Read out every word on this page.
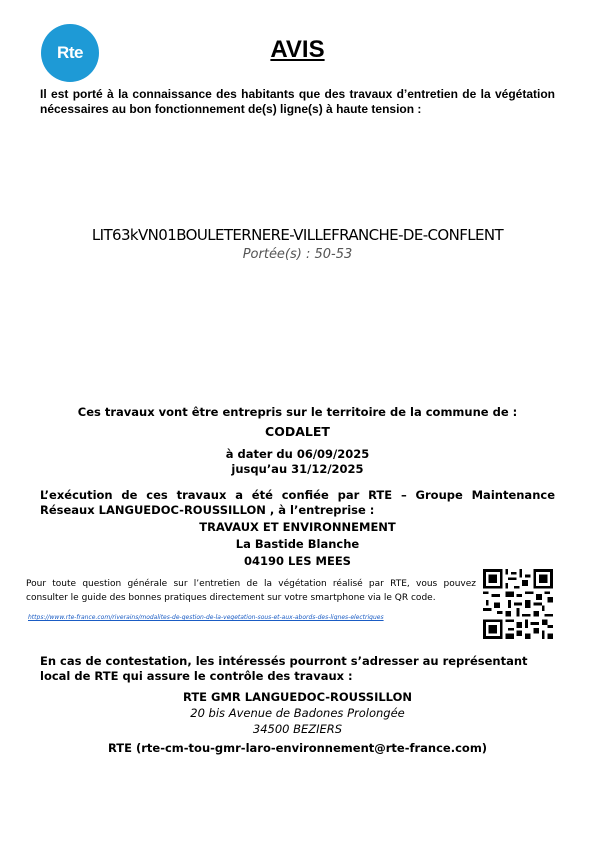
Rte	AVIS
Il est porté à la connaissance des habitants que des travaux d’entretien de la végétation nécessaires au bon fonctionnement de(s) ligne(s) à haute tension :
LIT63kVN01BOULETERNERE-VILLEFRANCHE-DE-CONFLENT
Portée(s) : 50-53
Ces travaux vont être entrepris sur le territoire de la commune de :
CODALET
à dater du 06/09/2025
jusqu’au 31/12/2025
L’exécution de ces travaux a été confiée par RTE – Groupe Maintenance Réseaux LANGUEDOC-ROUSSILLON , à l’entreprise :
TRAVAUX ET ENVIRONNEMENT
La Bastide Blanche
04190 LES MEES
Pour toute question générale sur l’entretien de la végétation réalisé par RTE, vous pouvez consulter le guide des bonnes pratiques directement sur votre smartphone via le QR code.
https://www.rte-france.com/riverains/modalites-de-gestion-de-la-vegetation-sous-et-aux-abords-des-lignes-electriques
En cas de contestation, les intéressés pourront s’adresser au représentant local de RTE qui assure le contrôle des travaux :
RTE GMR LANGUEDOC-ROUSSILLON
20 bis Avenue de Badones Prolongée
34500 BEZIERS
RTE (rte-cm-tou-gmr-laro-environnement@rte-france.com)
